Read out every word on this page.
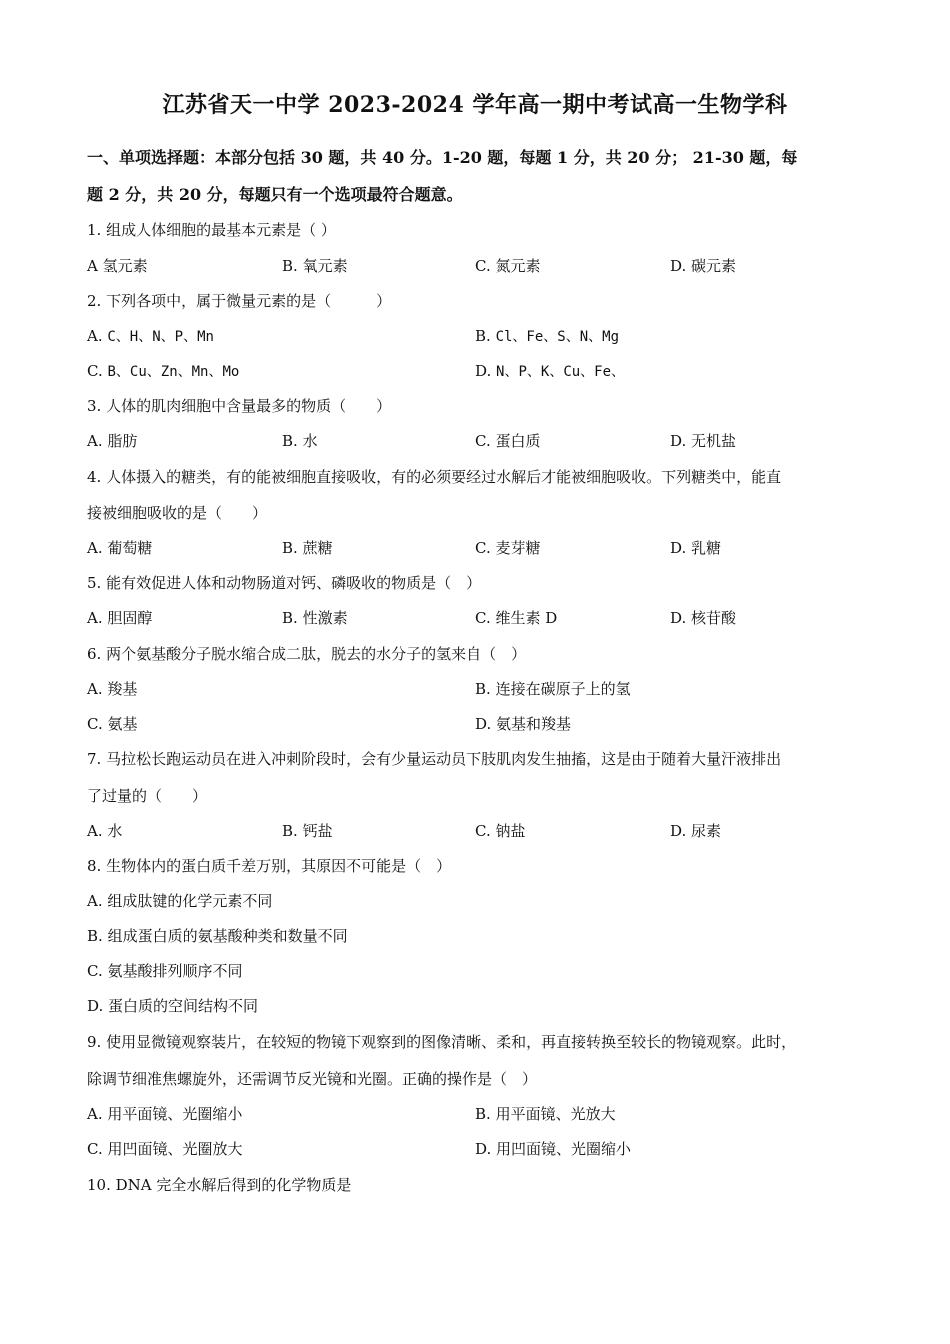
江苏省天一中学 2023-2024 学年高一期中考试高一生物学科
一、单项选择题：本部分包括 30 题，共 40 分。1-20 题，每题 1 分，共 20 分； 21-30 题，每
题 2 分，共 20 分，每题只有一个选项最符合题意。
1. 组成人体细胞的最基本元素是（ ）
A 氢元素	B. 氧元素	C. 氮元素	D. 碳元素
2. 下列各项中，属于微量元素的是（　　　）
A. C、H、N、P、Mn	B. Cl、Fe、S、N、Mg
C. B、Cu、Zn、Mn、Mo	D. N、P、K、Cu、Fe、
3. 人体的肌肉细胞中含量最多的物质（　　）
A. 脂肪	B. 水	C. 蛋白质	D. 无机盐
4. 人体摄入的糖类，有的能被细胞直接吸收，有的必须要经过水解后才能被细胞吸收。下列糖类中，能直
接被细胞吸收的是（　　）
A. 葡萄糖	B. 蔗糖	C. 麦芽糖	D. 乳糖
5. 能有效促进人体和动物肠道对钙、磷吸收的物质是（　）
A. 胆固醇	B. 性激素	C. 维生素 D	D. 核苷酸
6. 两个氨基酸分子脱水缩合成二肽，脱去的水分子的氢来自（　）
A. 羧基	B. 连接在碳原子上的氢
C. 氨基	D. 氨基和羧基
7. 马拉松长跑运动员在进入冲刺阶段时，会有少量运动员下肢肌肉发生抽搐，这是由于随着大量汗液排出
了过量的（　　）
A. 水	B. 钙盐	C. 钠盐	D. 尿素
8. 生物体内的蛋白质千差万别，其原因不可能是（　）
A. 组成肽键的化学元素不同
B. 组成蛋白质的氨基酸种类和数量不同
C. 氨基酸排列顺序不同
D. 蛋白质的空间结构不同
9. 使用显微镜观察装片，在较短的物镜下观察到的图像清晰、柔和，再直接转换至较长的物镜观察。此时，
除调节细准焦螺旋外，还需调节反光镜和光圈。正确的操作是（　）
A. 用平面镜、光圈缩小	B. 用平面镜、光放大
C. 用凹面镜、光圈放大	D. 用凹面镜、光圈缩小
10. DNA 完全水解后得到的化学物质是
